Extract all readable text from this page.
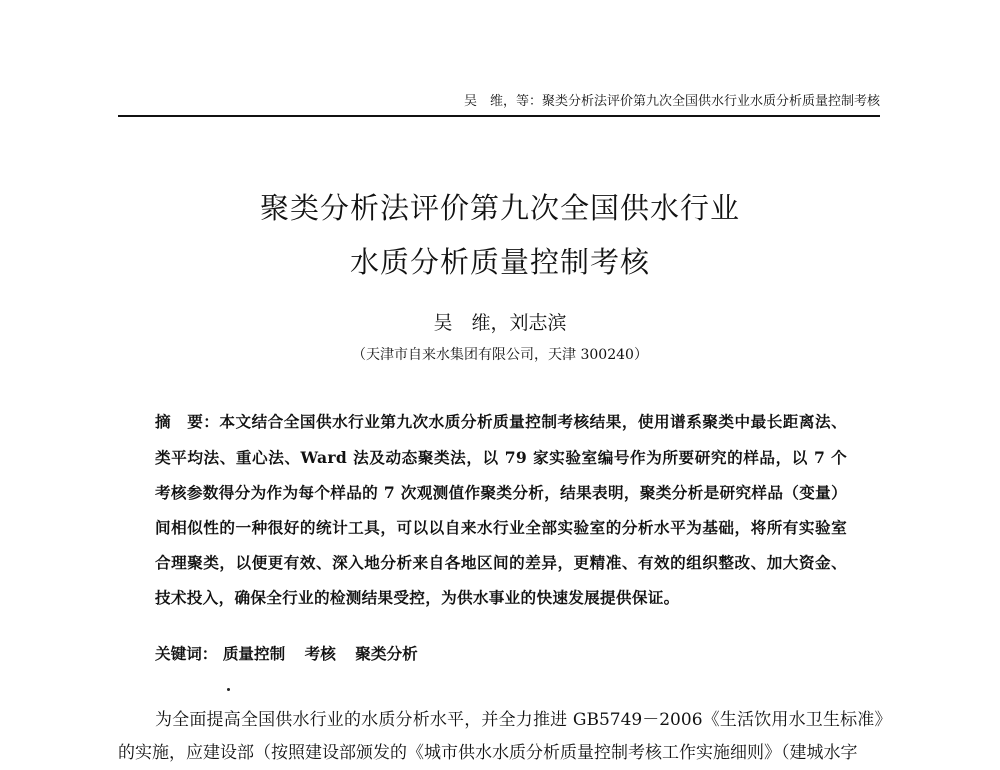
吴　维，等：聚类分析法评价第九次全国供水行业水质分析质量控制考核
聚类分析法评价第九次全国供水行业
水质分析质量控制考核
吴　维，刘志滨
（天津市自来水集团有限公司，天津 300240）
摘　要：本文结合全国供水行业第九次水质分析质量控制考核结果，使用谱系聚类中最长距离法、类平均法、重心法、Ward 法及动态聚类法，以 79 家实验室编号作为所要研究的样品，以 7 个考核参数得分为作为每个样品的 7 次观测值作聚类分析，结果表明，聚类分析是研究样品（变量）间相似性的一种很好的统计工具，可以以自来水行业全部实验室的分析水平为基础，将所有实验室合理聚类，以便更有效、深入地分析来自各地区间的差异，更精准、有效的组织整改、加大资金、技术投入，确保全行业的检测结果受控，为供水事业的快速发展提供保证。
关键词： 质量控制 考核 聚类分析
为全面提高全国供水行业的水质分析水平，并全力推进 GB5749－2006《生活饮用水卫生标准》的实施，应建设部（按照建设部颁发的《城市供水水质分析质量控制考核工作实施细则》（建城水字
